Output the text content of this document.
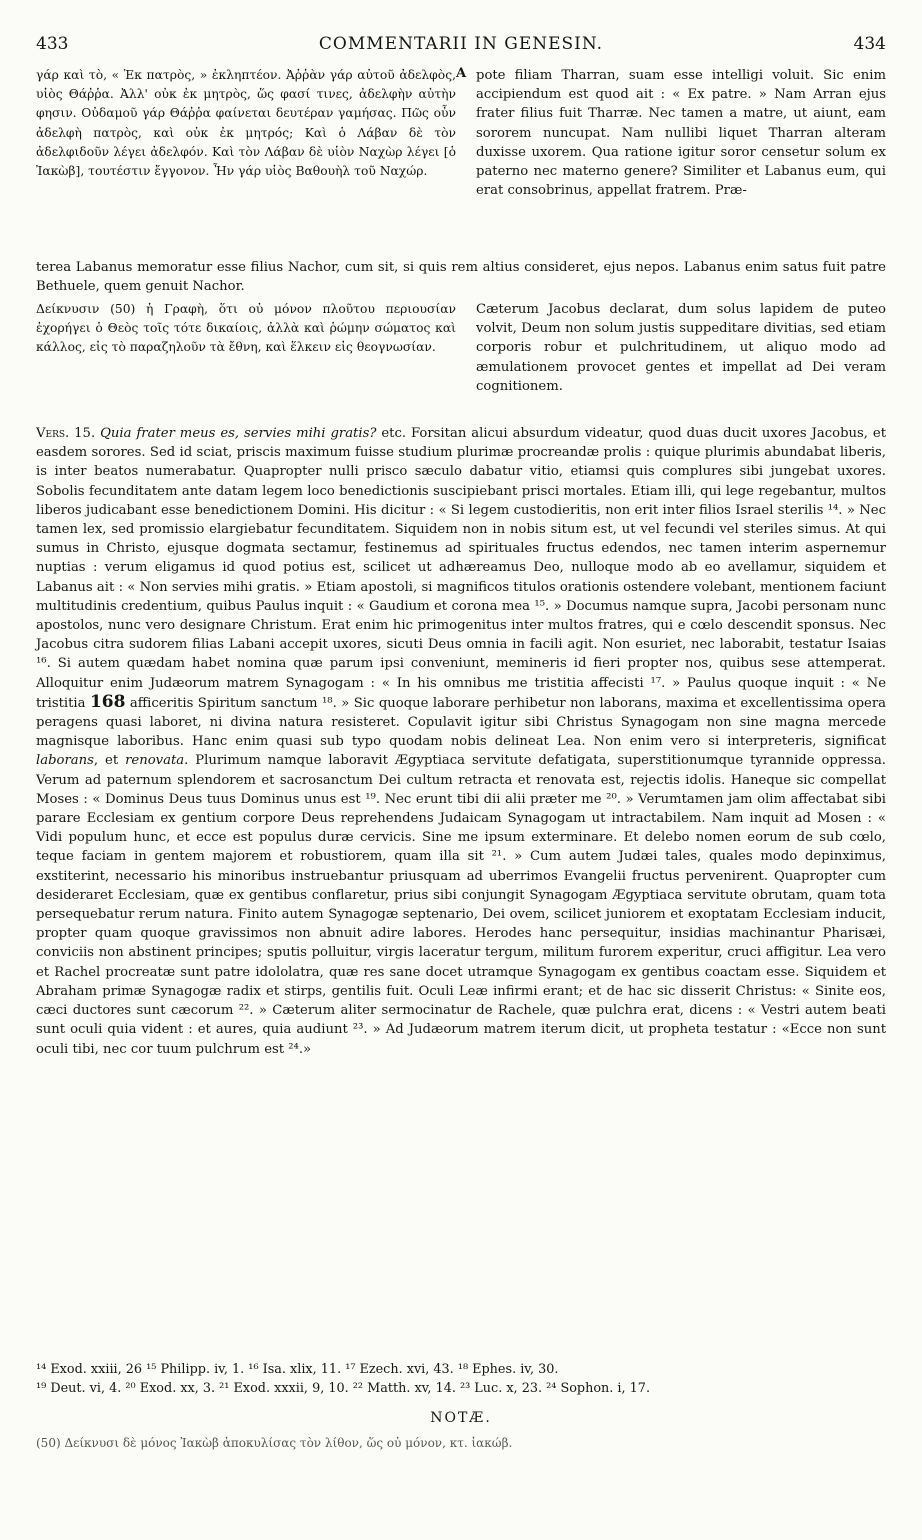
433	COMMENTARII IN GENESIN.	434

γάρ καὶ τὸ, « Ἐκ πατρὸς, » ἐκληπτέον. Ἀῤῥὰν γάρ αὐτοῦ ἀδελφὸς, υἱὸς Θάῤῥα. Ἀλλ' οὐκ ἐκ μητρὸς, ὥς φασί τινες, ἀδελφὴν αὐτὴν φησιν. Οὐδαμοῦ γάρ Θάῤῥα φαίνεται δευτέραν γαμήσας. Πῶς οὖν ἀδελφὴ πατρὸς, καὶ οὐκ ἐκ μητρός; Καὶ ὁ Λάβαν δὲ τὸν ἀδελφιδοῦν λέγει ἀδελφόν. Καὶ τὸν Λάβαν δὲ υἱὸν Ναχὼρ λέγει [ὁ Ἰακὼβ], τουτέστιν ἔγγονον. Ἦν γάρ υἱὸς Βαθουὴλ τοῦ Ναχώρ.

A pote filiam Tharran, suam esse intelligi voluit. Sic enim accipiendum est quod ait : « Ex patre. » Nam Arran ejus frater filius fuit Tharræ. Nec tamen a matre, ut aiunt, eam sororem nuncupat. Nam nullibi liquet Tharran alteram duxisse uxorem. Qua ratione igitur soror censetur solum ex paterno nec materno genere? Similiter et Labanus eum, qui erat consobrinus, appellat fratrem. Præ-

terea Labanus memoratur esse filius Nachor, cum sit, si quis rem altius consideret, ejus nepos. Labanus enim satus fuit patre Bethuele, quem genuit Nachor.

Δείκνυσιν (50) ἡ Γραφὴ, ὅτι οὐ μόνον πλοῦτου περιουσίαν ἐχορήγει ὁ Θεὸς τοῖς τότε δικαίοις, ἀλλὰ καὶ ῥώμην σώματος καὶ κάλλος, εἰς τὸ παραζηλοῦν τὰ ἔθνη, καὶ ἕλκειν εἰς θεογνωσίαν.

Cæterum Jacobus declarat, dum solus lapidem de puteo volvit, Deum non solum justis suppeditare divitias, sed etiam corporis robur et pulchritudinem, ut aliquo modo ad æmulationem provocet gentes et impellat ad Dei veram cognitionem.

Vers. 15. Quia frater meus es, servies mihi gratis? etc. Forsitan alicui absurdum videatur, quod duas ducit uxores Jacobus, et easdem sorores. Sed id sciat, priscis maximum fuisse studium plurimæ procreandæ prolis : quique plurimis abundabat liberis, is inter beatos numerabatur. Quapropter nulli prisco sæculo dabatur vitio, etiamsi quis complures sibi jungebat uxores. Sobolis fecunditatem ante datam legem loco benedictionis suscipiebant prisci mortales. Etiam illi, qui lege regebantur, multos liberos judicabant esse benedictionem Domini. His dicitur : « Si legem custodieritis, non erit inter filios Israel sterilis ¹⁴. » Nec tamen lex, sed promissio elargiebatur fecunditatem. Siquidem non in nobis situm est, ut vel fecundi vel steriles simus. At qui sumus in Christo, ejusque dogmata sectamur, festinemus ad spirituales fructus edendos, nec tamen interim aspernemur nuptias : verum eligamus id quod potius est, scilicet ut adhæreamus Deo, nulloque modo ab eo avellamur, siquidem et Labanus ait : « Non servies mihi gratis. » Etiam apostoli, si magnificos titulos orationis ostendere volebant, mentionem faciunt multitudinis credentium, quibus Paulus inquit : « Gaudium et corona mea ¹⁵. » Documus namque supra, Jacobi personam nunc apostolos, nunc vero designare Christum. Erat enim hic primogenitus inter multos fratres, qui e cœlo descendit sponsus. Nec Jacobus citra sudorem filias Labani accepit uxores, sicuti Deus omnia in facili agit. Non esuriet, nec laborabit, testatur Isaias ¹⁶. Si autem quædam habet nomina quæ parum ipsi conveniunt, memineris id fieri propter nos, quibus sese attemperat. Alloquitur enim Judæorum matrem Synagogam : « In his omnibus me tristitia affecisti ¹⁷. » Paulus quoque inquit : « Ne tristitia 168 afficeritis Spiritum sanctum ¹⁸. » Sic quoque laborare perhibetur non laborans, maxima et excellentissima opera peragens quasi laboret, ni divina natura resisteret. Copulavit igitur sibi Christus Synagogam non sine magna mercede magnisque laboribus. Hanc enim quasi sub typo quodam nobis delineat Lea. Non enim vero si interpreteris, significat laborans, et renovata. Plurimum namque laboravit Ægyptiaca servitute defatigata, superstitionumque tyrannide oppressa. Verum ad paternum splendorem et sacrosanctum Dei cultum retracta et renovata est, rejectis idolis. Haneque sic compellat Moses : « Dominus Deus tuus Dominus unus est ¹⁹. Nec erunt tibi dii alii præter me ²⁰. » Verumtamen jam olim affectabat sibi parare Ecclesiam ex gentium corpore Deus reprehendens Judaicam Synagogam ut intractabilem. Nam inquit ad Mosen : « Vidi populum hunc, et ecce est populus duræ cervicis. Sine me ipsum exterminare. Et delebo nomen eorum de sub cœlo, teque faciam in gentem majorem et robustiorem, quam illa sit ²¹. » Cum autem Judæi tales, quales modo depinximus, exstiterint, necessario his minoribus instruebantur priusquam ad uberrimos Evangelii fructus pervenirent. Quapropter cum desideraret Ecclesiam, quæ ex gentibus conflaretur, prius sibi conjungit Synagogam Ægyptiaca servitute obrutam, quam tota persequebatur rerum natura. Finito autem Synagogæ septenario, Dei ovem, scilicet juniorem et exoptatam Ecclesiam inducit, propter quam quoque gravissimos non abnuit adire labores. Herodes hanc persequitur, insidias machinantur Pharisæi, conviciis non abstinent principes; sputis polluitur, virgis laceratur tergum, militum furorem experitur, cruci affigitur. Lea vero et Rachel procreatæ sunt patre idololatra, quæ res sane docet utramque Synagogam ex gentibus coactam esse. Siquidem et Abraham primæ Synagogæ radix et stirps, gentilis fuit. Oculi Leæ infirmi erant; et de hac sic disserit Christus: « Sinite eos, cæci ductores sunt cæcorum ²². » Cæterum aliter sermocinatur de Rachele, quæ pulchra erat, dicens : « Vestri autem beati sunt oculi quia vident : et aures, quia audiunt ²³. » Ad Judæorum matrem iterum dicit, ut propheta testatur : «Ecce non sunt oculi tibi, nec cor tuum pulchrum est ²⁴.»

¹⁴ Exod. xxiii, 26 ¹⁵ Philipp. iv, 1. ¹⁶ Isa. xlix, 11. ¹⁷ Ezech. xvi, 43. ¹⁸ Ephes. iv, 30.

¹⁹ Deut. vi, 4. ²⁰ Exod. xx, 3. ²¹ Exod. xxxii, 9, 10. ²² Matth. xv, 14. ²³ Luc. x, 23. ²⁴ Sophon. i, 17.

NOTÆ.
(50) Δείκνυσι δὲ μόνος Ἰακὼβ ἀποκυλίσας τὸν λίθον, ὥς οὐ μόνον, κτ. ἰακώβ.
